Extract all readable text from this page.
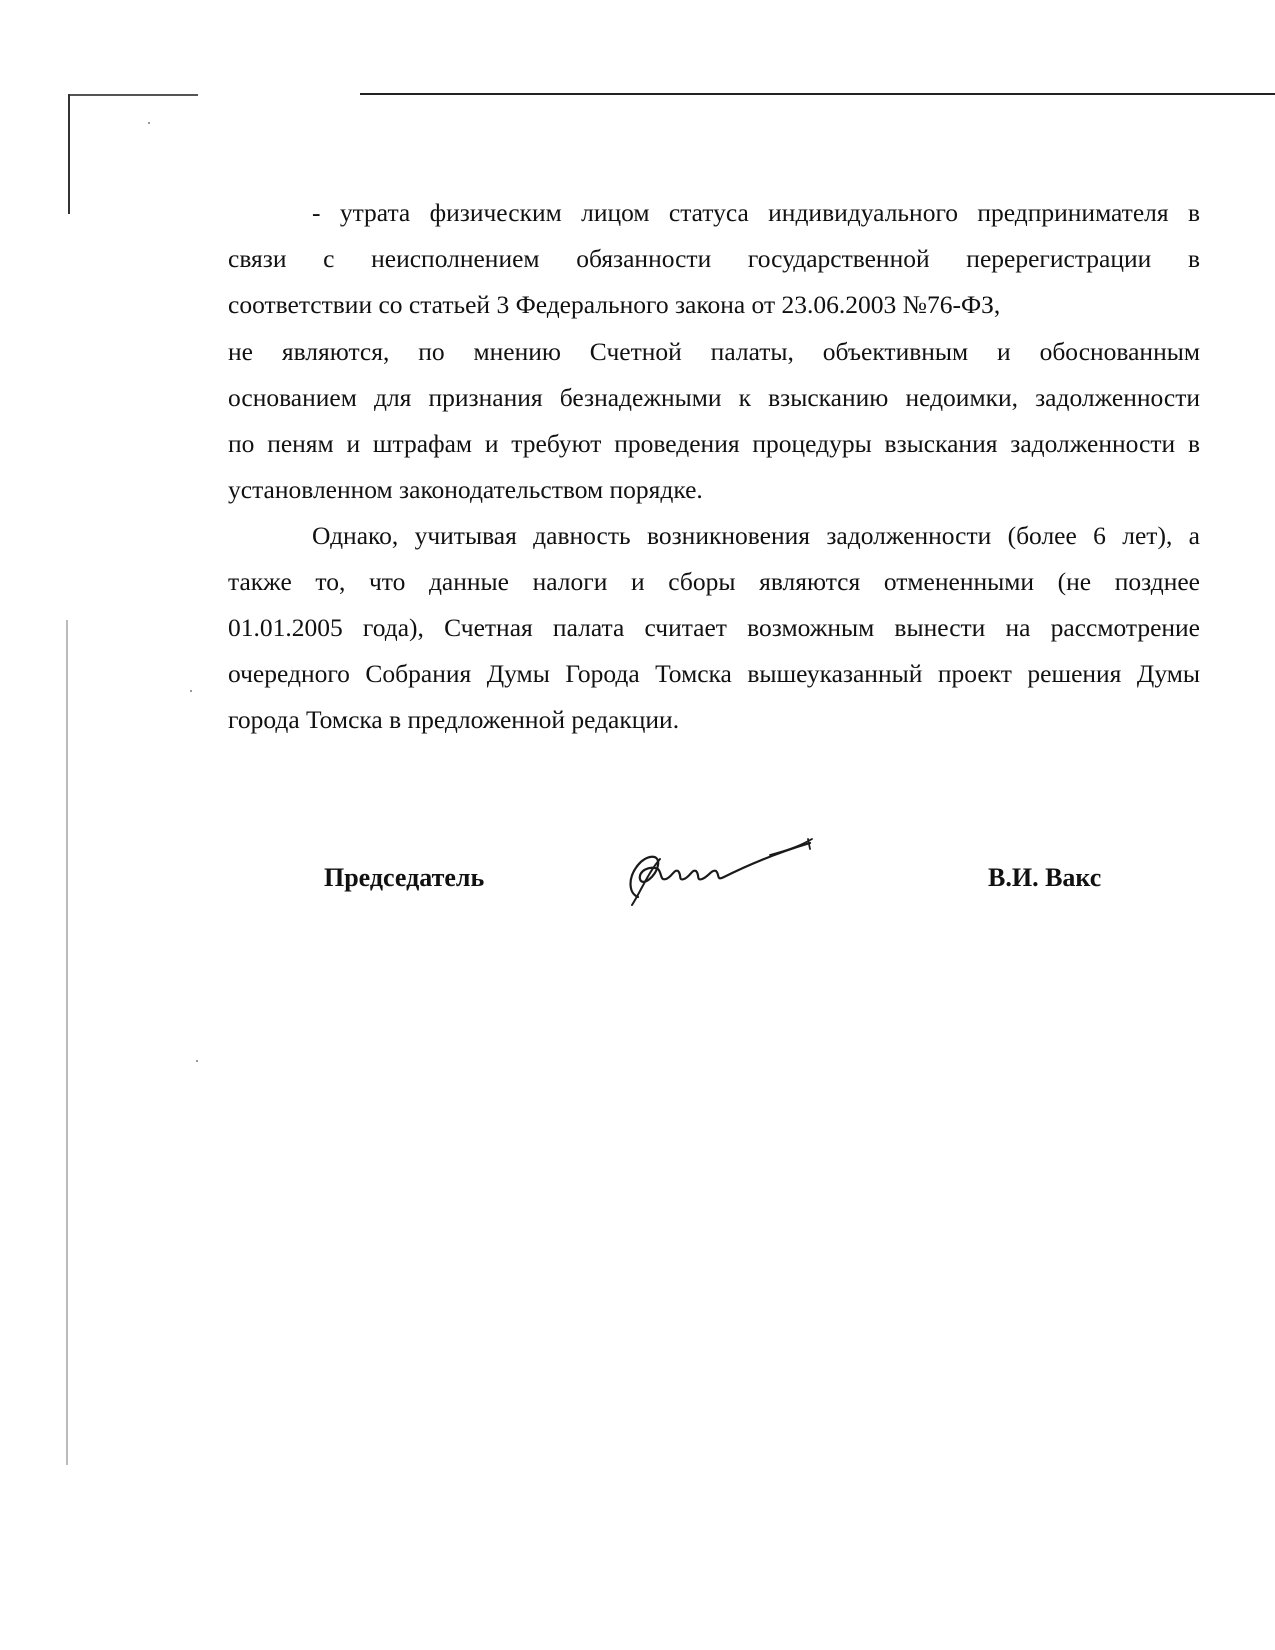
- утрата физическим лицом статуса индивидуального предпринимателя в
связи с неисполнением обязанности государственной перерегистрации в
соответствии со статьей 3 Федерального закона от 23.06.2003 №76-ФЗ,
не являются, по мнению Счетной палаты, объективным и обоснованным
основанием для признания безнадежными к взысканию недоимки, задолженности
по пеням и штрафам и требуют проведения процедуры взыскания задолженности в
установленном законодательством порядке.
Однако, учитывая давность возникновения задолженности (более 6 лет), а
также то, что данные налоги и сборы являются отмененными (не позднее
01.01.2005 года), Счетная палата считает возможным вынести на рассмотрение
очередного Собрания Думы Города Томска вышеуказанный проект решения Думы
города Томска в предложенной редакции.
Председатель	В.И. Вакс
